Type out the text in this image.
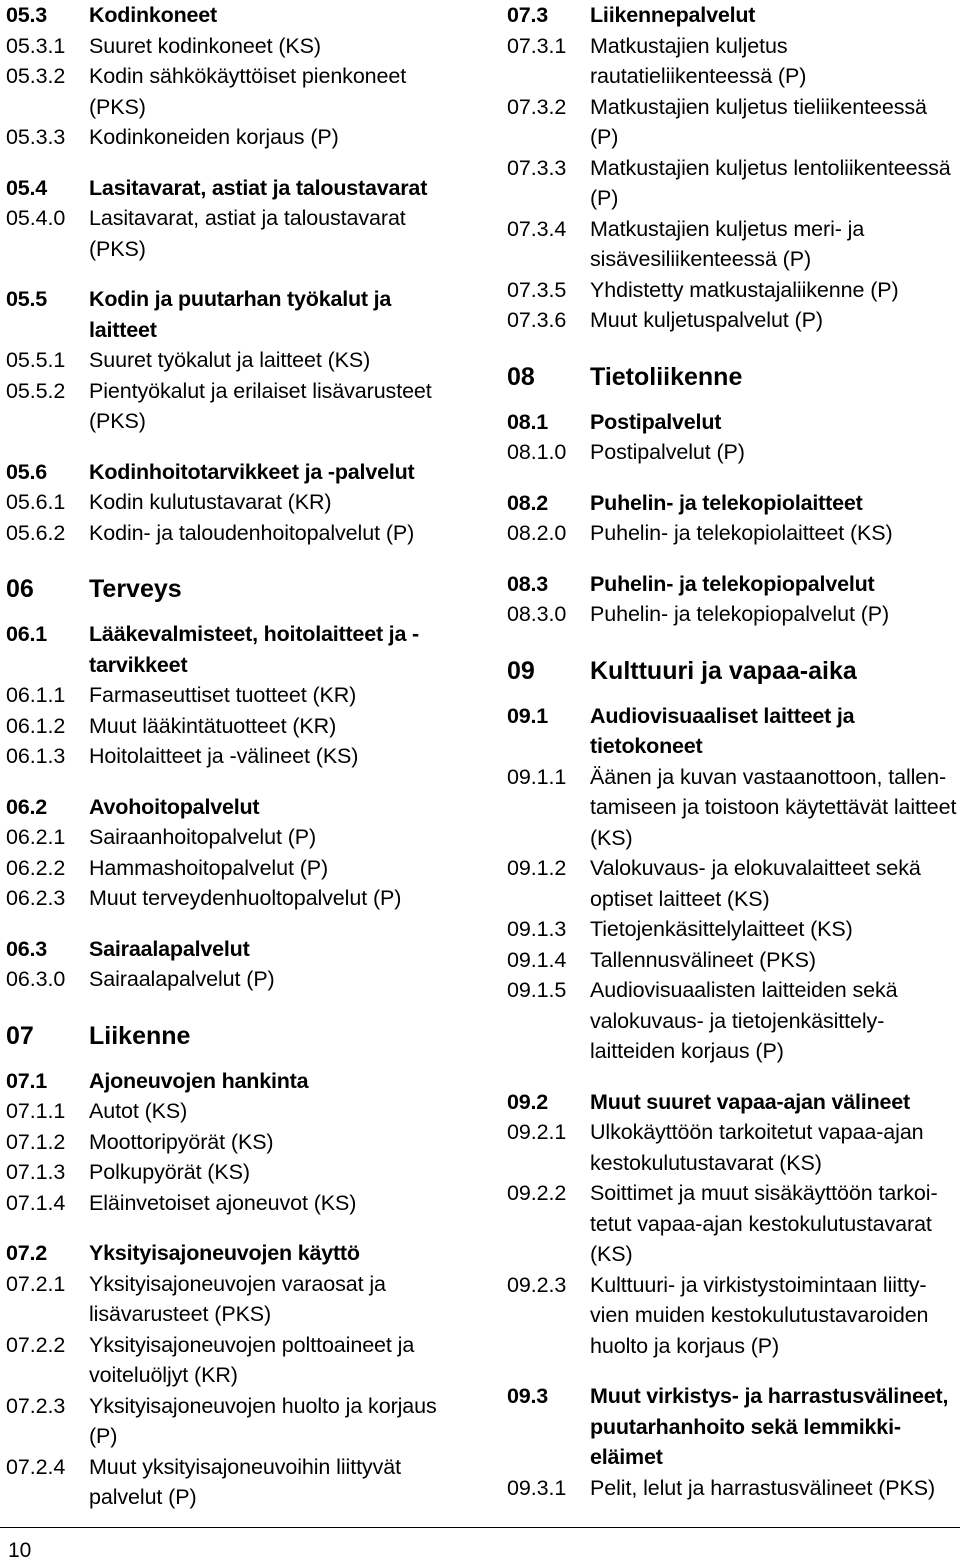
05.3	Kodinkoneet
05.3.1	Suuret kodinkoneet (KS)
05.3.2	Kodin sähkökäyttöiset pienkoneet (PKS)
05.3.3	Kodinkoneiden korjaus (P)
05.4	Lasitavarat, astiat ja taloustavarat
05.4.0	Lasitavarat, astiat ja taloustavarat (PKS)
05.5	Kodin ja puutarhan työkalut ja laitteet
05.5.1	Suuret työkalut ja laitteet (KS)
05.5.2	Pientyökalut ja erilaiset lisävarusteet (PKS)
05.6	Kodinhoitotarvikkeet ja -palvelut
05.6.1	Kodin kulutustavarat (KR)
05.6.2	Kodin- ja taloudenhoitopalvelut (P)
06	Terveys
06.1	Lääkevalmisteet, hoitolaitteet ja -tarvikkeet
06.1.1	Farmaseuttiset tuotteet (KR)
06.1.2	Muut lääkintätuotteet (KR)
06.1.3	Hoitolaitteet ja -välineet (KS)
06.2	Avohoitopalvelut
06.2.1	Sairaanhoitopalvelut (P)
06.2.2	Hammashoitopalvelut (P)
06.2.3	Muut terveydenhuoltopalvelut (P)
06.3	Sairaalapalvelut
06.3.0	Sairaalapalvelut (P)
07	Liikenne
07.1	Ajoneuvojen hankinta
07.1.1	Autot (KS)
07.1.2	Moottoripyörät (KS)
07.1.3	Polkupyörät (KS)
07.1.4	Eläinvetoiset ajoneuvot (KS)
07.2	Yksityisajoneuvojen käyttö
07.2.1	Yksityisajoneuvojen varaosat ja lisävarusteet (PKS)
07.2.2	Yksityisajoneuvojen polttoaineet ja voiteluöljyt (KR)
07.2.3	Yksityisajoneuvojen huolto ja korjaus (P)
07.2.4	Muut yksityisajoneuvoihin liittyvät palvelut (P)
07.3	Liikennepalvelut
07.3.1	Matkustajien kuljetus rautatieliikenteessä (P)
07.3.2	Matkustajien kuljetus tieliikenteessä (P)
07.3.3	Matkustajien kuljetus lentoliikenteessä (P)
07.3.4	Matkustajien kuljetus meri- ja sisävesiliikenteessä (P)
07.3.5	Yhdistetty matkustajaliikenne (P)
07.3.6	Muut kuljetuspalvelut (P)
08	Tietoliikenne
08.1	Postipalvelut
08.1.0	Postipalvelut (P)
08.2	Puhelin- ja telekopiolaitteet
08.2.0	Puhelin- ja telekopiolaitteet (KS)
08.3	Puhelin- ja telekopiopalvelut
08.3.0	Puhelin- ja telekopiopalvelut (P)
09	Kulttuuri ja vapaa-aika
09.1	Audiovisuaaliset laitteet ja tietokoneet
09.1.1	Äänen ja kuvan vastaanottoon, tallen-tamiseen ja toistoon käytettävät laitteet (KS)
09.1.2	Valokuvaus- ja elokuvalaitteet sekä optiset laitteet (KS)
09.1.3	Tietojenkäsittelylaitteet (KS)
09.1.4	Tallennusvälineet (PKS)
09.1.5	Audiovisuaalisten laitteiden sekä valokuvaus- ja tietojenkäsittely-laitteiden korjaus (P)
09.2	Muut suuret vapaa-ajan välineet
09.2.1	Ulkokäyttöön tarkoitetut vapaa-ajan kestokulutustavarat (KS)
09.2.2	Soittimet ja muut sisäkäyttöön tarkoi-tetut vapaa-ajan kestokulutustavarat (KS)
09.2.3	Kulttuuri- ja virkistystoimintaan liitty-vien muiden kestokulutustavaroiden huolto ja korjaus (P)
09.3	Muut virkistys- ja harrastusvälineet, puutarhanhoito sekä lemmikki-eläimet
09.3.1	Pelit, lelut ja harrastusvälineet (PKS)
10
